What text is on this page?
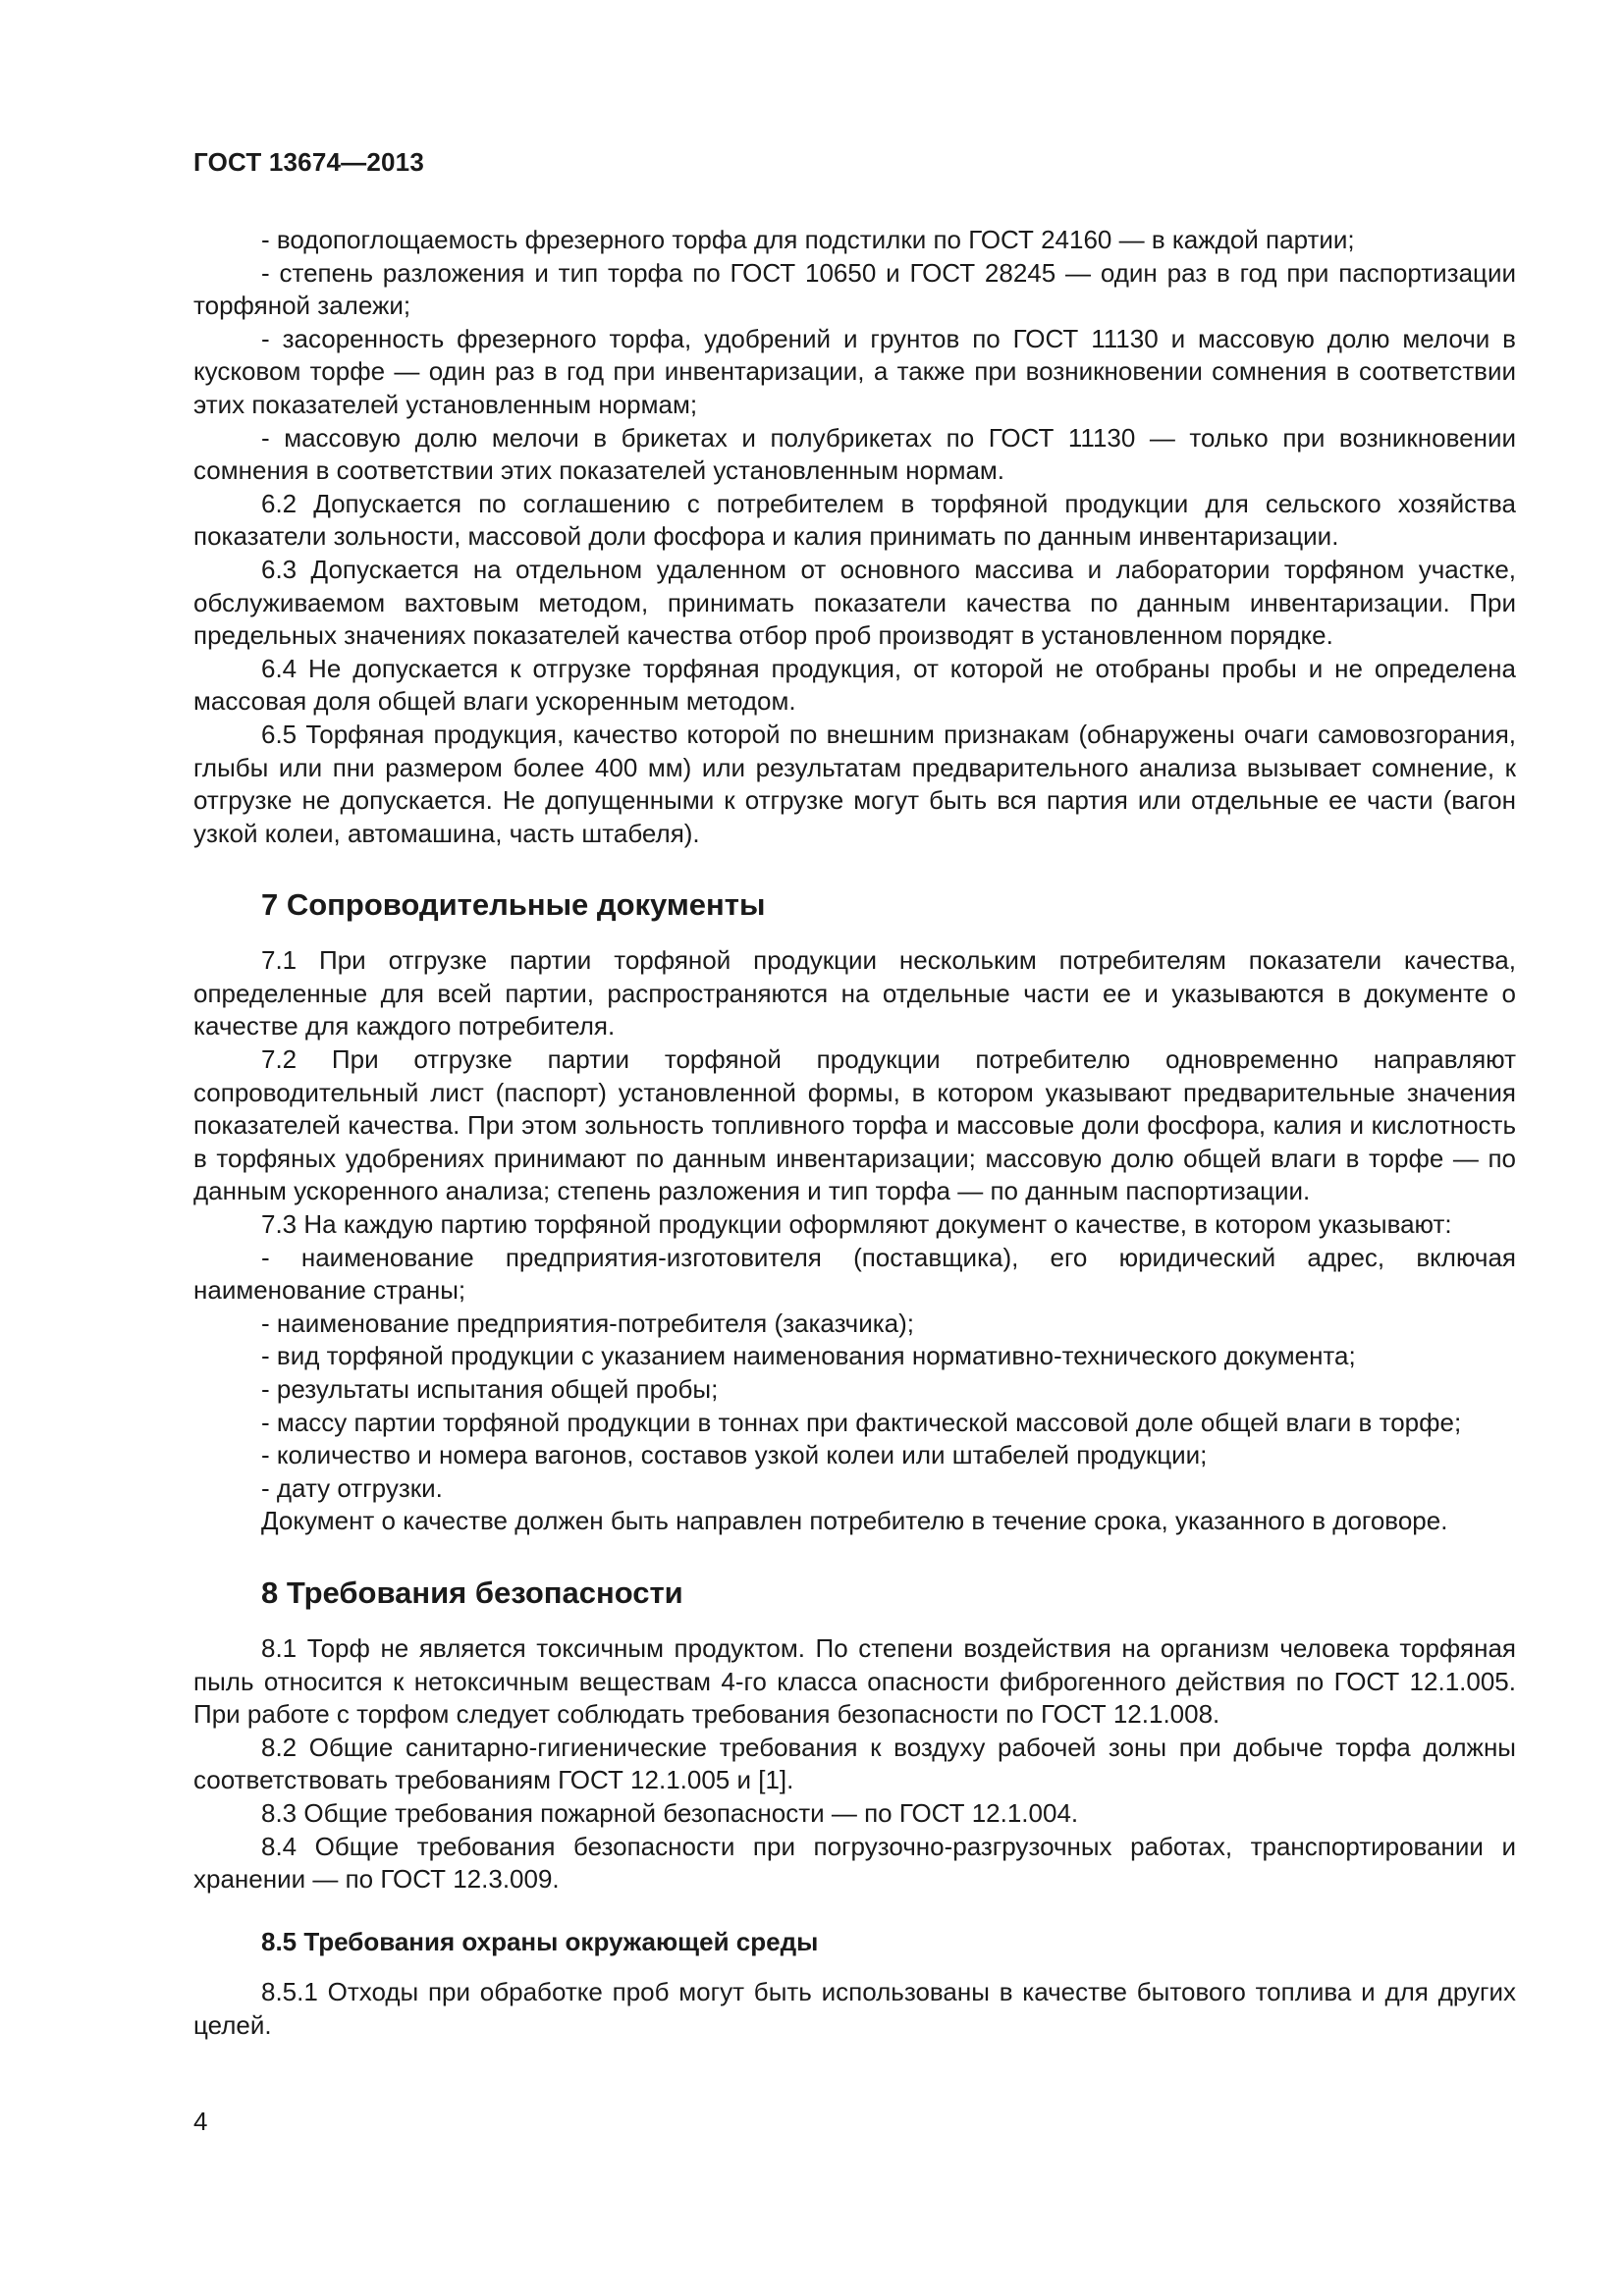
ГОСТ 13674—2013

- водопоглощаемость фрезерного торфа для подстилки по ГОСТ 24160 — в каждой партии;

- степень разложения и тип торфа по ГОСТ 10650 и ГОСТ 28245 — один раз в год при паспортизации торфяной залежи;

- засоренность фрезерного торфа, удобрений и грунтов по ГОСТ 11130 и массовую долю мелочи в кусковом торфе — один раз в год при инвентаризации, а также при возникновении сомнения в соответствии этих показателей установленным нормам;

- массовую долю мелочи в брикетах и полубрикетах по ГОСТ 11130 — только при возникновении сомнения в соответствии этих показателей установленным нормам.

6.2 Допускается по соглашению с потребителем в торфяной продукции для сельского хозяйства показатели зольности, массовой доли фосфора и калия принимать по данным инвентаризации.

6.3 Допускается на отдельном удаленном от основного массива и лаборатории торфяном участке, обслуживаемом вахтовым методом, принимать показатели качества по данным инвентаризации. При предельных значениях показателей качества отбор проб производят в установленном порядке.

6.4 Не допускается к отгрузке торфяная продукция, от которой не отобраны пробы и не определена массовая доля общей влаги ускоренным методом.

6.5 Торфяная продукция, качество которой по внешним признакам (обнаружены очаги самовозгорания, глыбы или пни размером более 400 мм) или результатам предварительного анализа вызывает сомнение, к отгрузке не допускается. Не допущенными к отгрузке могут быть вся партия или отдельные ее части (вагон узкой колеи, автомашина, часть штабеля).

7 Сопроводительные документы

7.1 При отгрузке партии торфяной продукции нескольким потребителям показатели качества, определенные для всей партии, распространяются на отдельные части ее и указываются в документе о качестве для каждого потребителя.

7.2 При отгрузке партии торфяной продукции потребителю одновременно направляют сопроводительный лист (паспорт) установленной формы, в котором указывают предварительные значения показателей качества. При этом зольность топливного торфа и массовые доли фосфора, калия и кислотность в торфяных удобрениях принимают по данным инвентаризации; массовую долю общей влаги в торфе — по данным ускоренного анализа; степень разложения и тип торфа — по данным паспортизации.

7.3 На каждую партию торфяной продукции оформляют документ о качестве, в котором указывают:

- наименование предприятия-изготовителя (поставщика), его юридический адрес, включая наименование страны;

- наименование предприятия-потребителя (заказчика);

- вид торфяной продукции с указанием наименования нормативно-технического документа;

- результаты испытания общей пробы;

- массу партии торфяной продукции в тоннах при фактической массовой доле общей влаги в торфе;

- количество и номера вагонов, составов узкой колеи или штабелей продукции;

- дату отгрузки.

Документ о качестве должен быть направлен потребителю в течение срока, указанного в договоре.

8 Требования безопасности

8.1 Торф не является токсичным продуктом. По степени воздействия на организм человека торфяная пыль относится к нетоксичным веществам 4-го класса опасности фиброгенного действия по ГОСТ 12.1.005. При работе с торфом следует соблюдать требования безопасности по ГОСТ 12.1.008.

8.2 Общие санитарно-гигиенические требования к воздуху рабочей зоны при добыче торфа должны соответствовать требованиям ГОСТ 12.1.005 и [1].

8.3 Общие требования пожарной безопасности — по ГОСТ 12.1.004.

8.4 Общие требования безопасности при погрузочно-разгрузочных работах, транспортировании и хранении — по ГОСТ 12.3.009.

8.5 Требования охраны окружающей среды

8.5.1 Отходы при обработке проб могут быть использованы в качестве бытового топлива и для других целей.

4
